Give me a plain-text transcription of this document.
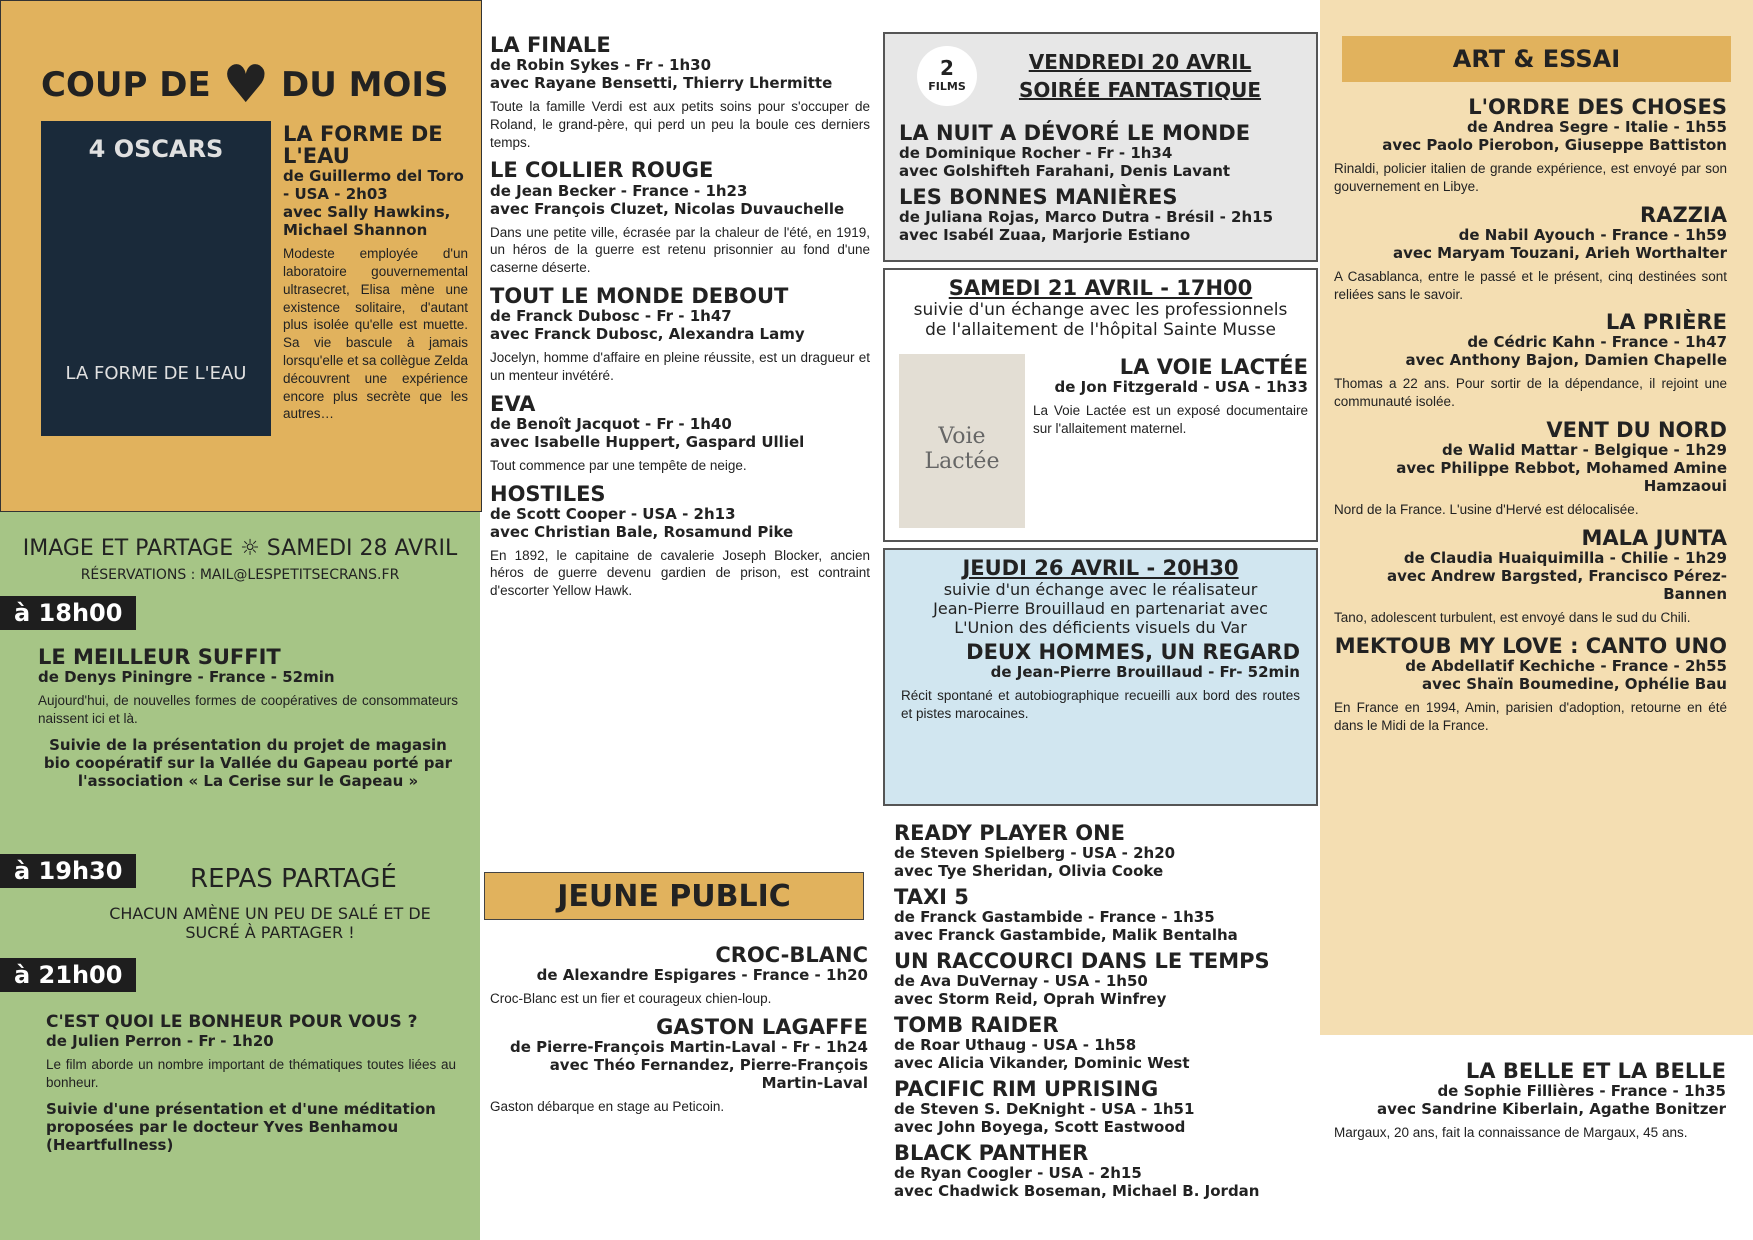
COUP DE ♥ DU MOIS
4 OSCARS
LA FORME DE L'EAU
LA FORME DE L'EAU
de Guillermo del Toro - USA - 2h03
avec Sally Hawkins, Michael Shannon
Modeste employée d'un laboratoire gouvernemental ultrasecret, Elisa mène une existence solitaire, d'autant plus isolée qu'elle est muette. Sa vie bascule à jamais lorsqu'elle et sa collègue Zelda découvrent une expérience encore plus secrète que les autres…
IMAGE ET PARTAGE ☼ SAMEDI 28 AVRIL
RÉSERVATIONS : MAIL@LESPETITSECRANS.FR
à 18h00
LE MEILLEUR SUFFIT
de Denys Piningre - France - 52min
Aujourd'hui, de nouvelles formes de coopératives de consommateurs naissent ici et là.
Suivie de la présentation du projet de magasin bio coopératif sur la Vallée du Gapeau porté par l'association « La Cerise sur le Gapeau »
à 19h30	REPAS PARTAGÉ
CHACUN AMÈNE UN PEU DE SALÉ ET DE SUCRÉ À PARTAGER !
à 21h00
C'EST QUOI LE BONHEUR POUR VOUS ?
de Julien Perron - Fr - 1h20
Le film aborde un nombre important de thématiques toutes liées au bonheur.
Suivie d'une présentation et d'une méditation proposées par le docteur Yves Benhamou (Heartfullness)
LA FINALE
de Robin Sykes - Fr - 1h30
avec Rayane Bensetti, Thierry Lhermitte
Toute la famille Verdi est aux petits soins pour s'occuper de Roland, le grand-père, qui perd un peu la boule ces derniers temps.
LE COLLIER ROUGE
de Jean Becker - France - 1h23
avec François Cluzet, Nicolas Duvauchelle
Dans une petite ville, écrasée par la chaleur de l'été, en 1919, un héros de la guerre est retenu prisonnier au fond d'une caserne déserte.
TOUT LE MONDE DEBOUT
de Franck Dubosc - Fr - 1h47
avec Franck Dubosc, Alexandra Lamy
Jocelyn, homme d'affaire en pleine réussite, est un dragueur et un menteur invétéré.
EVA
de Benoît Jacquot - Fr - 1h40
avec Isabelle Huppert, Gaspard Ulliel
Tout commence par une tempête de neige.
HOSTILES
de Scott Cooper - USA - 2h13
avec Christian Bale, Rosamund Pike
En 1892, le capitaine de cavalerie Joseph Blocker, ancien héros de guerre devenu gardien de prison, est contraint d'escorter Yellow Hawk.
JEUNE PUBLIC
CROC-BLANC
de Alexandre Espigares - France - 1h20
Croc-Blanc est un fier et courageux chien-loup.
GASTON LAGAFFE
de Pierre-François Martin-Laval - Fr - 1h24
avec Théo Fernandez, Pierre-François Martin-Laval
Gaston débarque en stage au Peticoin.
2
FILMS
VENDREDI 20 AVRIL
SOIRÉE FANTASTIQUE
LA NUIT A DÉVORÉ LE MONDE
de Dominique Rocher - Fr - 1h34
avec Golshifteh Farahani, Denis Lavant
LES BONNES MANIÈRES
de Juliana Rojas, Marco Dutra - Brésil - 2h15
avec Isabél Zuaa, Marjorie Estiano
SAMEDI 21 AVRIL - 17H00
suivie d'un échange avec les professionnels de l'allaitement de l'hôpital Sainte Musse
Voie Lactée
LA VOIE LACTÉE
de Jon Fitzgerald - USA - 1h33
La Voie Lactée est un exposé documentaire sur l'allaitement maternel.
JEUDI 26 AVRIL - 20H30
suivie d'un échange avec le réalisateur Jean-Pierre Brouillaud en partenariat avec L'Union des déficients visuels du Var
DEUX HOMMES, UN REGARD
de Jean-Pierre Brouillaud - Fr- 52min
Récit spontané et autobiographique recueilli aux bord des routes et pistes marocaines.
READY PLAYER ONE
de Steven Spielberg - USA - 2h20
avec Tye Sheridan, Olivia Cooke
TAXI 5
de Franck Gastambide - France - 1h35
avec Franck Gastambide, Malik Bentalha
UN RACCOURCI DANS LE TEMPS
de Ava DuVernay - USA - 1h50
avec Storm Reid, Oprah Winfrey
TOMB RAIDER
de Roar Uthaug - USA - 1h58
avec Alicia Vikander, Dominic West
PACIFIC RIM UPRISING
de Steven S. DeKnight - USA - 1h51
avec John Boyega, Scott Eastwood
BLACK PANTHER
de Ryan Coogler - USA - 2h15
avec Chadwick Boseman, Michael B. Jordan
ART & ESSAI
L'ORDRE DES CHOSES
de Andrea Segre - Italie - 1h55
avec Paolo Pierobon, Giuseppe Battiston
Rinaldi, policier italien de grande expérience, est envoyé par son gouvernement en Libye.
RAZZIA
de Nabil Ayouch - France - 1h59
avec Maryam Touzani, Arieh Worthalter
A Casablanca, entre le passé et le présent, cinq destinées sont reliées sans le savoir.
LA PRIÈRE
de Cédric Kahn - France - 1h47
avec Anthony Bajon, Damien Chapelle
Thomas a 22 ans. Pour sortir de la dépendance, il rejoint une communauté isolée.
VENT DU NORD
de Walid Mattar - Belgique - 1h29
avec Philippe Rebbot, Mohamed Amine Hamzaoui
Nord de la France. L'usine d'Hervé est délocalisée.
MALA JUNTA
de Claudia Huaiquimilla - Chilie - 1h29
avec Andrew Bargsted, Francisco Pérez-Bannen
Tano, adolescent turbulent, est envoyé dans le sud du Chili.
MEKTOUB MY LOVE : CANTO UNO
de Abdellatif Kechiche - France - 2h55
avec Shaïn Boumedine, Ophélie Bau
En France en 1994, Amin, parisien d'adoption, retourne en été dans le Midi de la France.
LA BELLE ET LA BELLE
de Sophie Fillières - France - 1h35
avec Sandrine Kiberlain, Agathe Bonitzer
Margaux, 20 ans, fait la connaissance de Margaux, 45 ans.
